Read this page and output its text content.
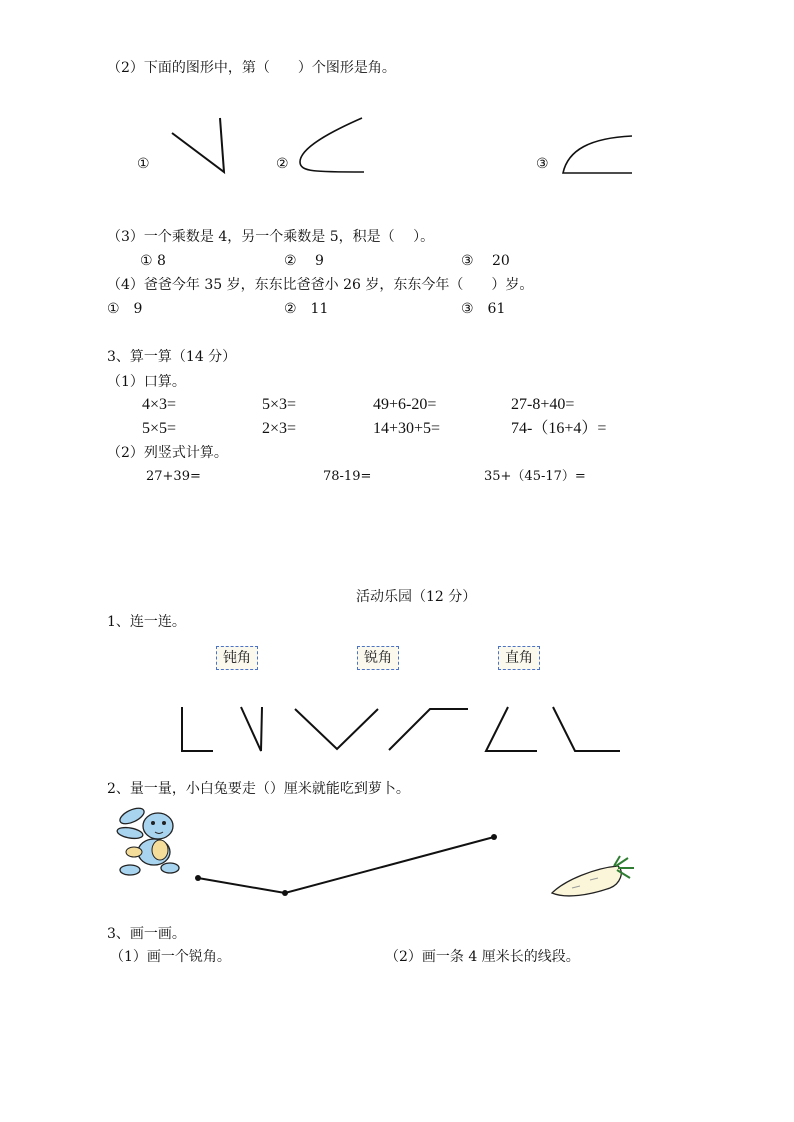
（2）下面的图形中，第（　　）个图形是角。
①	②	③
（3）一个乘数是 4，另一个乘数是 5，积是（　 ）。
① 8	②　 9	③　 20
（4）爸爸今年 35 岁，东东比爸爸小 26 岁，东东今年（　　）岁。
①　9	②　11	③　61
3、算一算（14 分）
（1）口算。
4×3=	5×3=	49+6-20=	27-8+40=
5×5=	2×3=	14+30+5=	74-（16+4）=
（2）列竖式计算。
27+39=	78-19=	35+（45-17）=
活动乐园（12 分）
1、连一连。
钝角	锐角	直角
2、量一量，小白兔要走（）厘米就能吃到萝卜。
3、画一画。
（1）画一个锐角。	（2）画一条 4 厘米长的线段。
